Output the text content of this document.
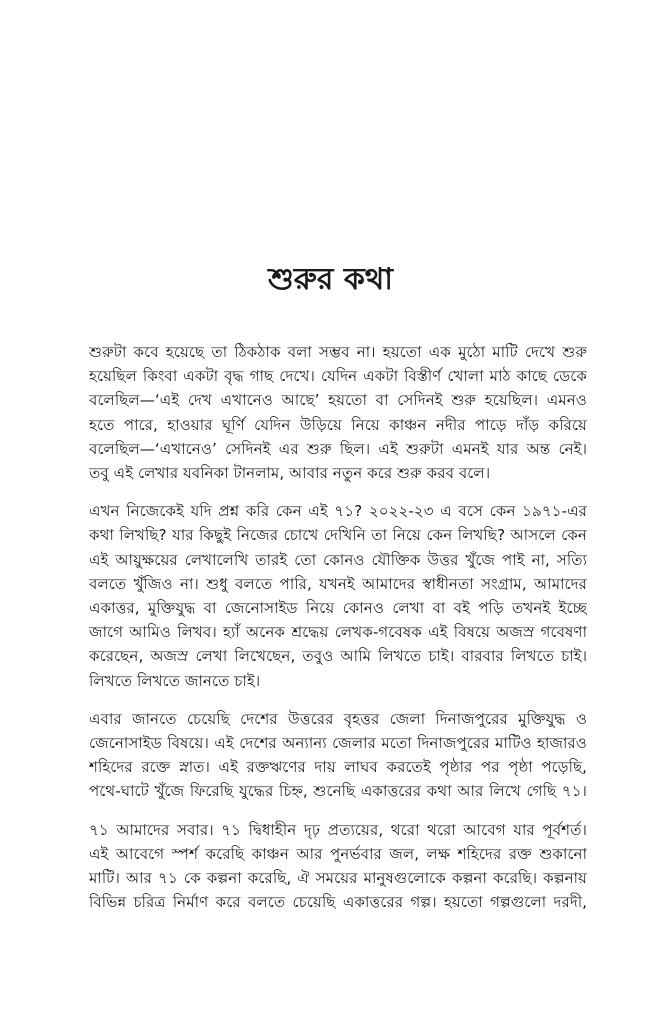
শুরুর কথা

শুরুটা কবে হয়েছে তা ঠিকঠাক বলা সম্ভব না। হয়তো এক মুঠো মাটি দেখে শুরু
হয়েছিল কিংবা একটা বৃদ্ধ গাছ দেখে। যেদিন একটা বিস্তীর্ণ খোলা মাঠ কাছে ডেকে
বলেছিল—‘এই দেখ এখানেও আছে’ হয়তো বা সেদিনই শুরু হয়েছিল। এমনও
হতে পারে, হাওয়ার ঘূর্ণি যেদিন উড়িয়ে নিয়ে কাঞ্চন নদীর পাড়ে দাঁড় করিয়ে
বলেছিল—‘এখানেও’ সেদিনই এর শুরু ছিল। এই শুরুটা এমনই যার অন্ত নেই।
তবু এই লেখার যবনিকা টানলাম, আবার নতুন করে শুরু করব বলে।

এখন নিজেকেই যদি প্রশ্ন করি কেন এই ৭১? ২০২২-২৩ এ বসে কেন ১৯৭১-এর
কথা লিখছি? যার কিছুই নিজের চোখে দেখিনি তা নিয়ে কেন লিখছি? আসলে কেন
এই আয়ুক্ষয়ের লেখালেখি তারই তো কোনও যৌক্তিক উত্তর খুঁজে পাই না, সত্যি
বলতে খুঁজিও না। শুধু বলতে পারি, যখনই আমাদের স্বাধীনতা সংগ্রাম, আমাদের
একাত্তর, মুক্তিযুদ্ধ বা জেনোসাইড নিয়ে কোনও লেখা বা বই পড়ি তখনই ইচ্ছে
জাগে আমিও লিখব। হ্যাঁ অনেক শ্রদ্ধেয় লেখক-গবেষক এই বিষয়ে অজস্র গবেষণা
করেছেন, অজস্র লেখা লিখেছেন, তবুও আমি লিখতে চাই। বারবার লিখতে চাই।
লিখতে লিখতে জানতে চাই।

এবার জানতে চেয়েছি দেশের উত্তরের বৃহত্তর জেলা দিনাজপুরের মুক্তিযুদ্ধ ও
জেনোসাইড বিষয়ে। এই দেশের অন্যান্য জেলার মতো দিনাজপুরের মাটিও হাজারও
শহিদের রক্তে স্নাত। এই রক্তঋণের দায় লাঘব করতেই পৃষ্ঠার পর পৃষ্ঠা পড়েছি,
পথে-ঘাটে খুঁজে ফিরেছি যুদ্ধের চিহ্ন, শুনেছি একাত্তরের কথা আর লিখে গেছি ৭১।

৭১ আমাদের সবার। ৭১ দ্বিধাহীন দৃঢ় প্রত্যয়ের, থরো থরো আবেগ যার পূর্বশর্ত।
এই আবেগে স্পর্শ করেছি কাঞ্চন আর পুনর্ভবার জল, লক্ষ শহিদের রক্ত শুকানো
মাটি। আর ৭১ কে কল্পনা করেছি, ঐ সময়ের মানুষগুলোকে কল্পনা করেছি। কল্পনায়
বিভিন্ন চরিত্র নির্মাণ করে বলতে চেয়েছি একাত্তরের গল্প। হয়তো গল্পগুলো দরদী,
